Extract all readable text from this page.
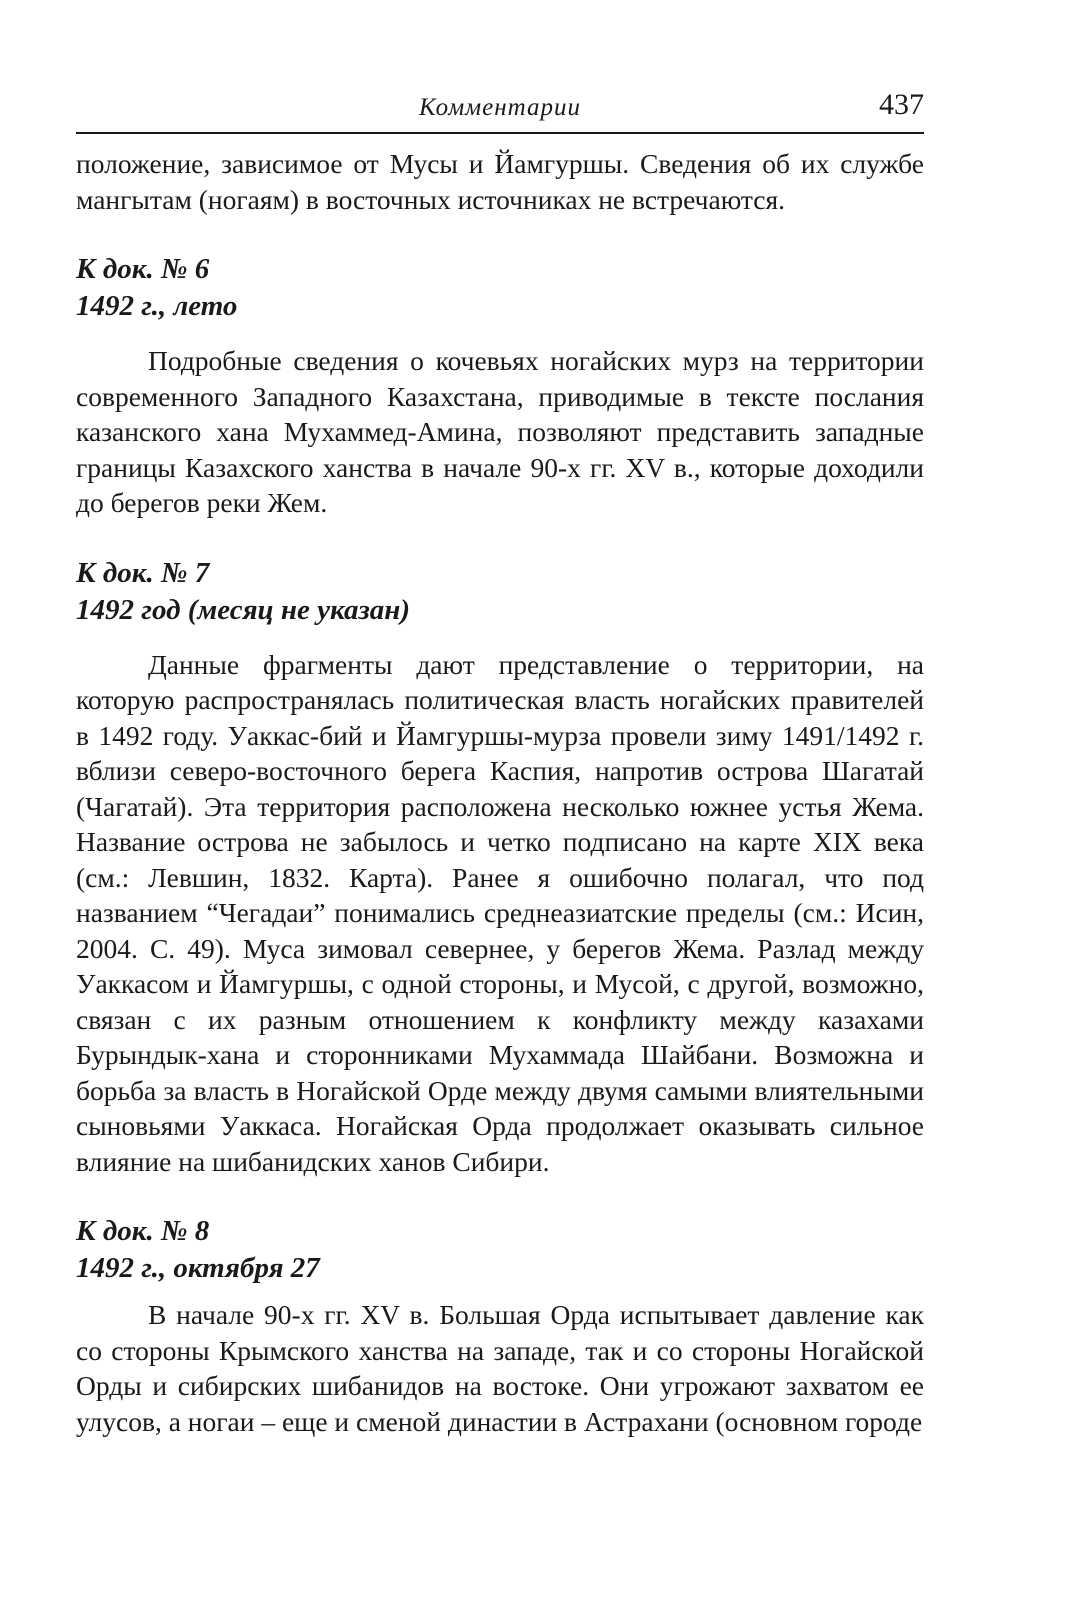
Комментарии	437

положение, зависимое от Мусы и Йамгуршы. Сведения об их службе мангытам (ногаям) в восточных источниках не встречаются.

К док. № 6

1492 г., лето

Подробные сведения о кочевьях ногайских мурз на территории современного Западного Казахстана, приводимые в тексте послания казанского хана Мухаммед-Амина, позволяют представить западные границы Казахского ханства в начале 90-х гг. XV в., которые доходили до берегов реки Жем.

К док. № 7

1492 год (месяц не указан)

Данные фрагменты дают представление о территории, на которую распространялась политическая власть ногайских правителей в 1492 году. Уаккас-бий и Йамгуршы-мурза провели зиму 1491/1492 г. вблизи северо-восточного берега Каспия, напротив острова Шагатай (Чагатай). Эта территория расположена несколько южнее устья Жема. Название острова не забылось и четко подписано на карте XIX века (см.: Левшин, 1832. Карта). Ранее я ошибочно полагал, что под названием “Чегадаи” понимались среднеазиатские пределы (см.: Исин, 2004. С. 49). Муса зимовал севернее, у берегов Жема. Разлад между Уаккасом и Йамгуршы, с одной стороны, и Мусой, с другой, возможно, связан с их разным отношением к конфликту между казахами Бурындык-хана и сторонниками Мухаммада Шайбани. Возможна и борьба за власть в Ногайской Орде между двумя самыми влиятельными сыновьями Уаккаса. Ногайская Орда продолжает оказывать сильное влияние на шибанидских ханов Сибири.

К док. № 8

1492 г., октября 27

В начале 90-х гг. XV в. Большая Орда испытывает давление как со стороны Крымского ханства на западе, так и со стороны Ногайской Орды и сибирских шибанидов на востоке. Они угрожают захватом ее улусов, а ногаи – еще и сменой династии в Астрахани (основном городе
